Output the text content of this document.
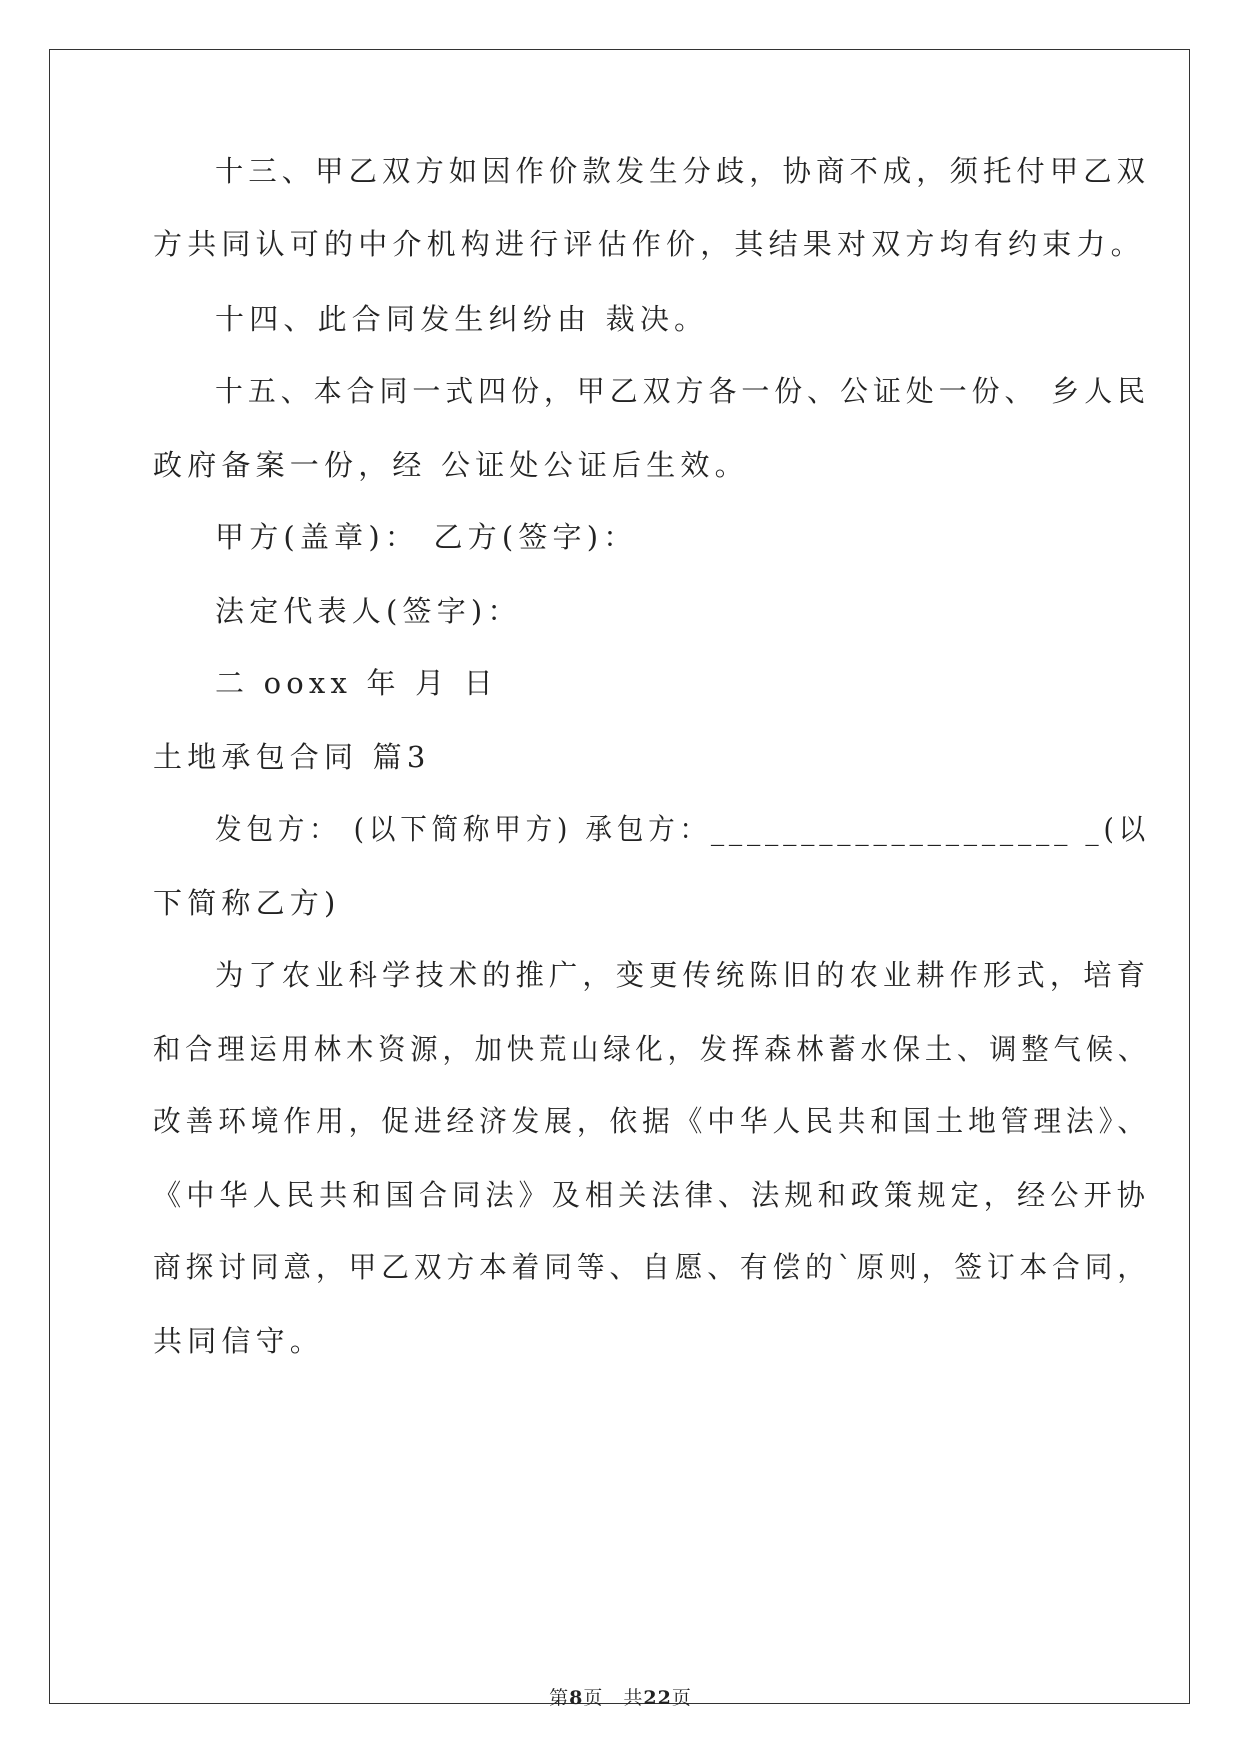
十三、甲乙双方如因作价款发生分歧，协商不成，须托付甲乙双
方共同认可的中介机构进行评估作价，其结果对双方均有约束力。
十四、此合同发生纠纷由 裁决。
十五、本合同一式四份，甲乙双方各一份、公证处一份、 乡人民
政府备案一份，经 公证处公证后生效。
甲方(盖章)： 乙方(签字)：
法定代表人(签字)：
二 ooxx 年 月 日
土地承包合同 篇3
发包方： (以下简称甲方) 承包方：____________________ _(以
下简称乙方)
为了农业科学技术的推广，变更传统陈旧的农业耕作形式，培育
和合理运用林木资源，加快荒山绿化，发挥森林蓄水保土、调整气候、
改善环境作用，促进经济发展，依据《中华人民共和国土地管理法》、
《中华人民共和国合同法》及相关法律、法规和政策规定，经公开协
商探讨同意，甲乙双方本着同等、自愿、有偿的`原则，签订本合同，
共同信守。
第8页　共22页
